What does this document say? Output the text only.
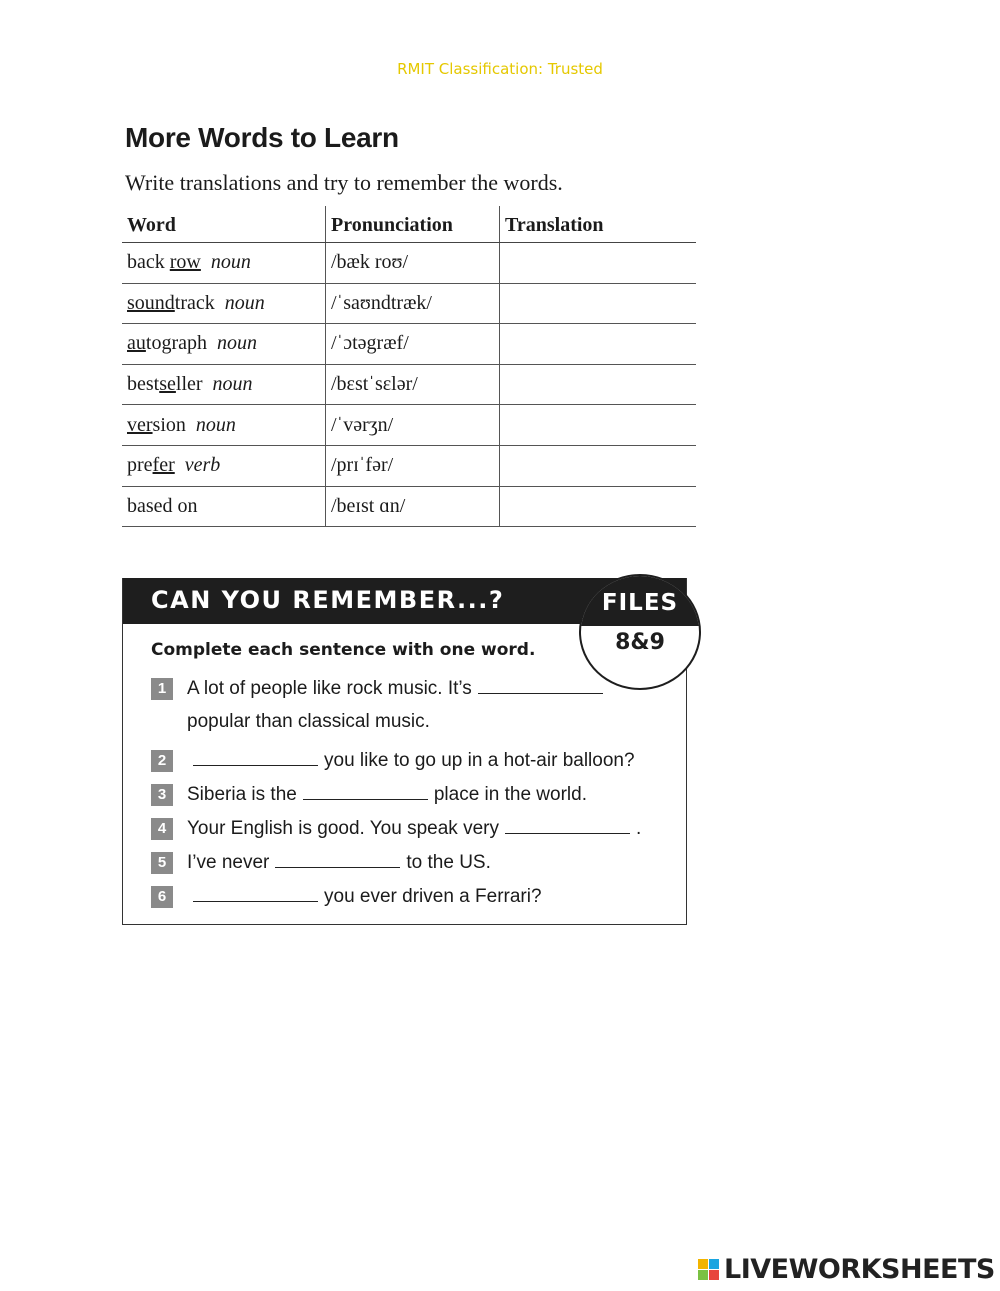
RMIT Classification: Trusted
More Words to Learn
Write translations and try to remember the words.
Word	Pronunciation	Translation
back row noun	/bæk roʊ/	
soundtrack noun	/ˈsaʊndtræk/	
autograph noun	/ˈɔtəgræf/	
bestseller noun	/bɛstˈsɛlər/	
version noun	/ˈvərʒn/	
prefer verb	/prɪˈfər/	
based on	/beɪst ɑn/	
CAN YOU REMEMBER...?	FILES
8&9
Complete each sentence with one word.
1 A lot of people like rock music. It’s
popular than classical music.
2	you like to go up in a hot-air balloon?
3 Siberia is the	place in the world.
4 Your English is good. You speak very	.
5 I’ve never	to the US.
6	you ever driven a Ferrari?
LIVEWORKSHEETS
